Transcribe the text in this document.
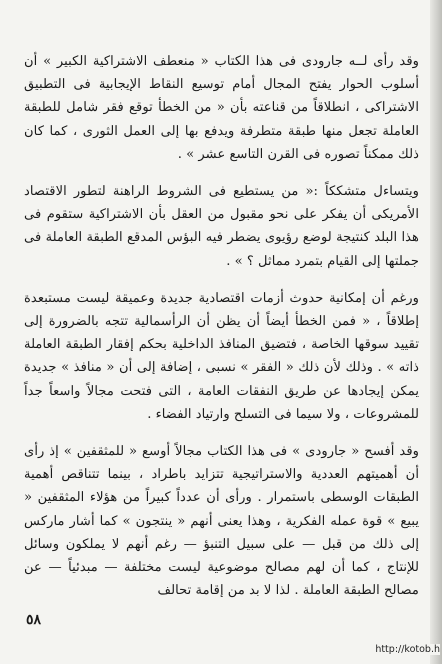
وقد رأى لــه جارودى فى هذا الكتاب « منعطف الاشتراكية الكبير » أن أسلوب الحوار يفتح المجال أمام توسيع النقاط الإيجابية فى التطبيق الاشتراكى ، انطلاقاً من قناعته بأن « من الخطأ توقع فقر شامل للطبقة العاملة تجعل منها طبقة متطرفة ويدفع بها إلى العمل الثورى ، كما كان ذلك ممكناً تصوره فى القرن التاسع عشر » .

ويتساءل متشككاً :« من يستطيع فى الشروط الراهنة لتطور الاقتصاد الأمريكى أن يفكر على نحو مقبول من العقل بأن الاشتراكية ستقوم فى هذا البلد كنتيجة لوضع رؤيوى يضطر فيه البؤس المدقع الطبقة العاملة فى جملتها إلى القيام بتمرد مماثل ؟ » .

ورغم أن إمكانية حدوث أزمات اقتصادية جديدة وعميقة ليست مستبعدة إطلاقاً ، « فمن الخطأ أيضاً أن يظن أن الرأسمالية تتجه بالضرورة إلى تقييد سوقها الخاصة ، فتضيق المنافذ الداخلية بحكم إفقار الطبقة العاملة ذاته » . وذلك لأن ذلك « الفقر » نسبى ، إضافة إلى أن « منافذ » جديدة يمكن إيجادها عن طريق النفقات العامة ، التى فتحت مجالاً واسعاً جداً للمشروعات ، ولا سيما فى التسلح وارتياد الفضاء .

وقد أفسح « جارودى » فى هذا الكتاب مجالاً أوسع « للمثقفين » إذ رأى أن أهميتهم العددية والاستراتيجية تتزايد باطراد ، بينما تتناقص أهمية الطبقات الوسطى باستمرار . ورأى أن عدداً كبيراً من هؤلاء المثقفين « يبيع » قوة عمله الفكرية ، وهذا يعنى أنهم « ينتجون » كما أشار ماركس إلى ذلك من قبل — على سبيل التنبؤ — رغم أنهم لا يملكون وسائل للإنتاج ، كما أن لهم مصالح موضوعية ليست مختلفة — مبدئياً — عن مصالح الطبقة العاملة . لذا لا بد من إقامة تحالف

٥٨
http://kotob.h
